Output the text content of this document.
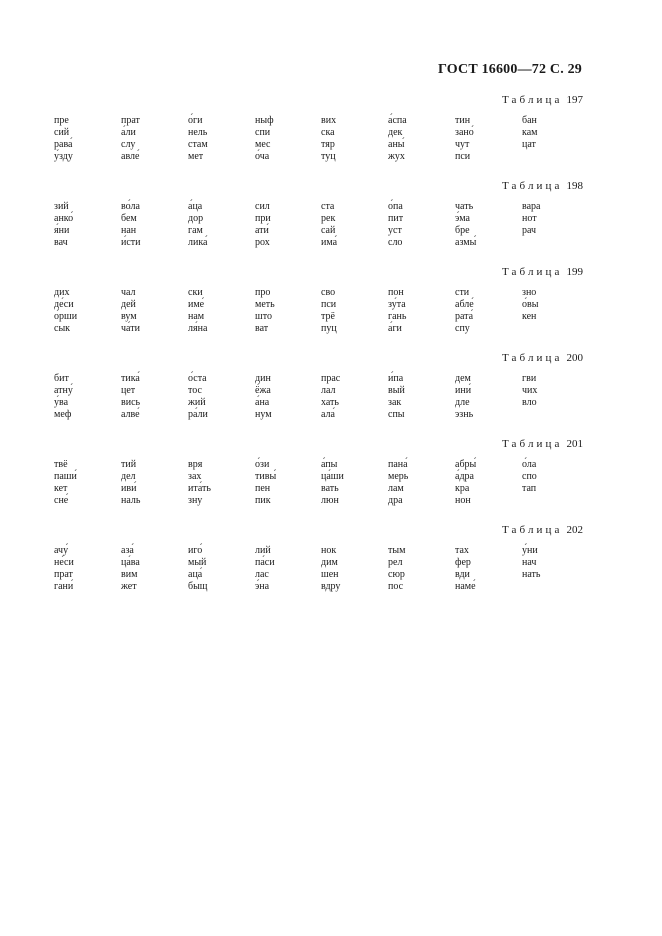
ГОСТ 16600—72 С. 29
Таблица 197
пре
сий
рава́
у́зду
прат
а́ли
слу
авле́
о́ги
нель
стам
мет
ныф
спи
мес
о́ча
вих
ска
тяр
туц
а́спа
дек
аны́
жух
тин
зано́
чут
пси
бан
кам
цат
Таблица 198
зий
анко́
я́ни
вач
во́ла
бем
нан
и́сти
а́ца
дор
гам
лика́
сил
при
ати́
рох
ста
рек
сай
има́
о́па
пит
уст
сло
чать
э́ма
бре
азмы́
вара
нот
рач
Таблица 199
дих
де́си
о́рши
сык
чал
дей
вум
ча́ти
ски
име́
нам
ля́на
про
меть
што
ват
сво
пси
трё
пуц
пон
зу́та
гань
а́ги
сти
абле́
рата́
спу
зно
о́вы
кен
Таблица 200
бит
атну́
у́ва
меф
тика́
цет
вись
алве́
о́ста
тос
жий
ра́ли
дин
ё́жа
а́на
нум
прас
лал
хать
ала́
и́па
вый
зак
спы
дем
ини́
дле
эзнь
гви
чих
вло
Таблица 201
твё
паши́
кет
сне́
тий
дел
иви́
наль
вря
зах
ита́ть
зну
о́зи
тивы́
пен
пик
а́пы
ца́ши
вать
люн
пана́
мерь
лам
дра
абры́
а́дра
кра
нон
о́ла
спо
тап
Таблица 202
ачу́
не́си
прат
гани́
аза́
ца́ва
вим
жет
иго́
мый
аца́
быщ
лий
па́си
лас
э́на
нок
дим
шен
вдру
тым
рел
сюр
пос
тах
фер
вди
наме́
у́ни
нач
нать
